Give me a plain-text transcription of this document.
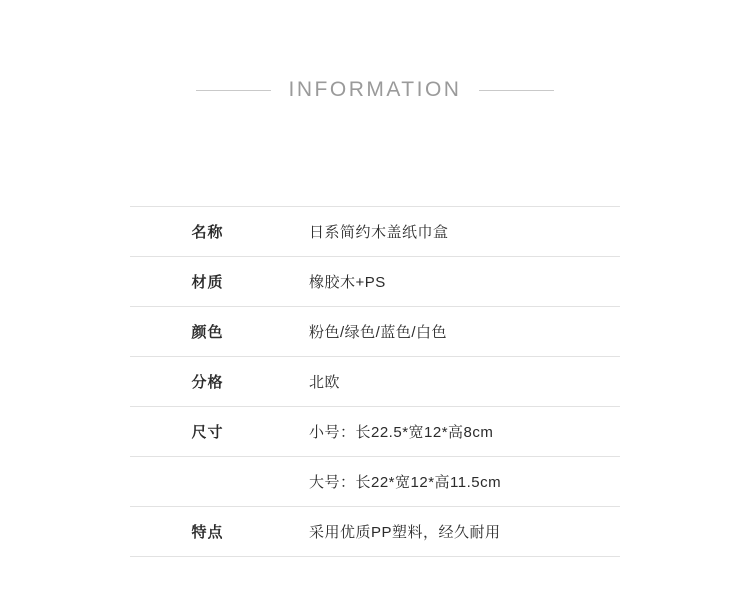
INFORMATION
名称	日系简约木盖纸巾盒
材质	橡胶木+PS
颜色	粉色/绿色/蓝色/白色
分格	北欧
尺寸	小号：长22.5*宽12*高8cm
	大号：长22*宽12*高11.5cm
特点	采用优质PP塑料，经久耐用
